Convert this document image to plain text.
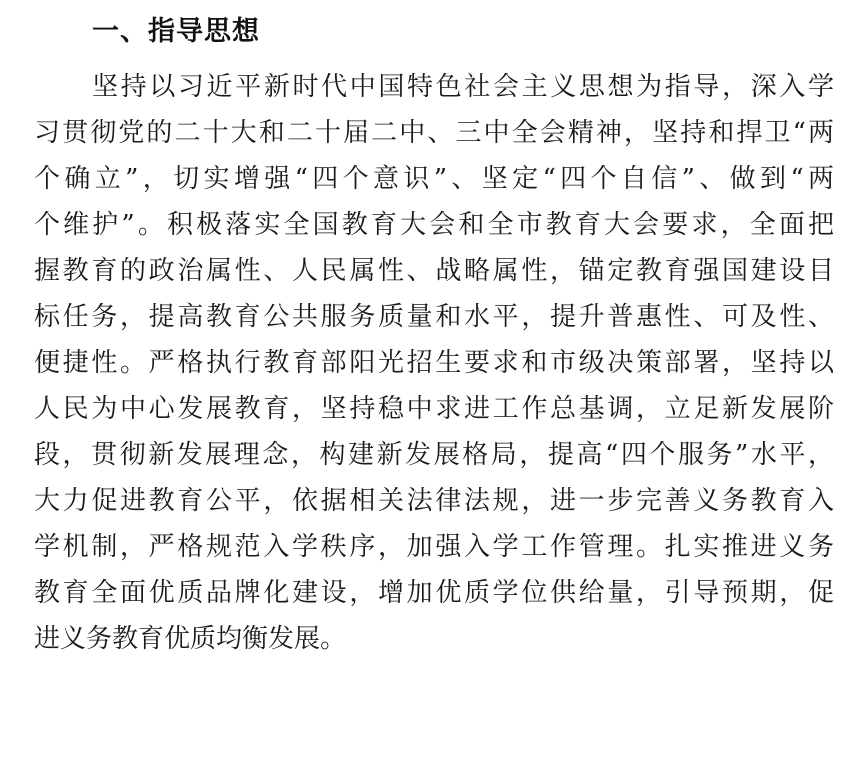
一、指导思想
坚持以习近平新时代中国特色社会主义思想为指导，深入学
习贯彻党的二十大和二十届二中、三中全会精神，坚持和捍卫“两
个确立”，切实增强“四个意识”、坚定“四个自信”、做到“两
个维护”。积极落实全国教育大会和全市教育大会要求，全面把
握教育的政治属性、人民属性、战略属性，锚定教育强国建设目
标任务，提高教育公共服务质量和水平，提升普惠性、可及性、
便捷性。严格执行教育部阳光招生要求和市级决策部署，坚持以
人民为中心发展教育，坚持稳中求进工作总基调，立足新发展阶
段，贯彻新发展理念，构建新发展格局，提高“四个服务”水平，
大力促进教育公平，依据相关法律法规，进一步完善义务教育入
学机制，严格规范入学秩序，加强入学工作管理。扎实推进义务
教育全面优质品牌化建设，增加优质学位供给量，引导预期，促
进义务教育优质均衡发展。
